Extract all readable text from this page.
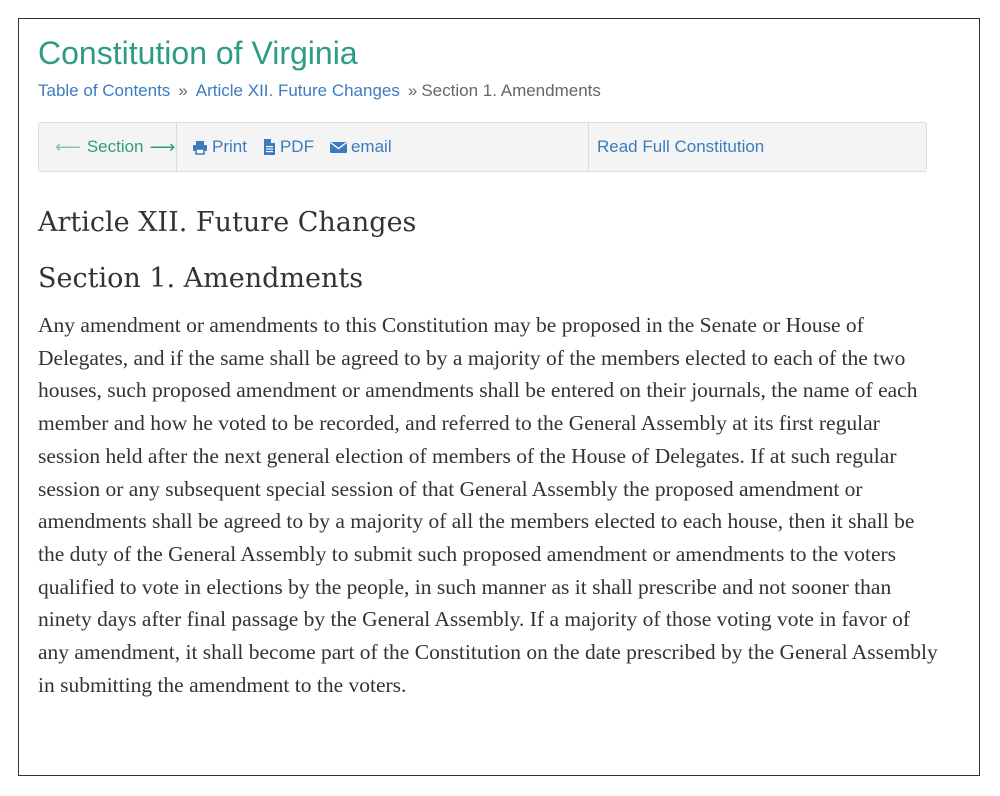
Constitution of Virginia
Table of Contents » Article XII. Future Changes » Section 1. Amendments
⟵ Section ⟶ Print PDF email	Read Full Constitution
Article XII. Future Changes
Section 1. Amendments

Any amendment or amendments to this Constitution may be proposed in the Senate or House of Delegates, and if the same shall be agreed to by a majority of the members elected to each of the two houses, such proposed amendment or amendments shall be entered on their journals, the name of each member and how he voted to be recorded, and referred to the General Assembly at its first regular session held after the next general election of members of the House of Delegates. If at such regular session or any subsequent special session of that General Assembly the proposed amendment or amendments shall be agreed to by a majority of all the members elected to each house, then it shall be the duty of the General Assembly to submit such proposed amendment or amendments to the voters qualified to vote in elections by the people, in such manner as it shall prescribe and not sooner than ninety days after final passage by the General Assembly. If a majority of those voting vote in favor of any amendment, it shall become part of the Constitution on the date prescribed by the General Assembly in submitting the amendment to the voters.
